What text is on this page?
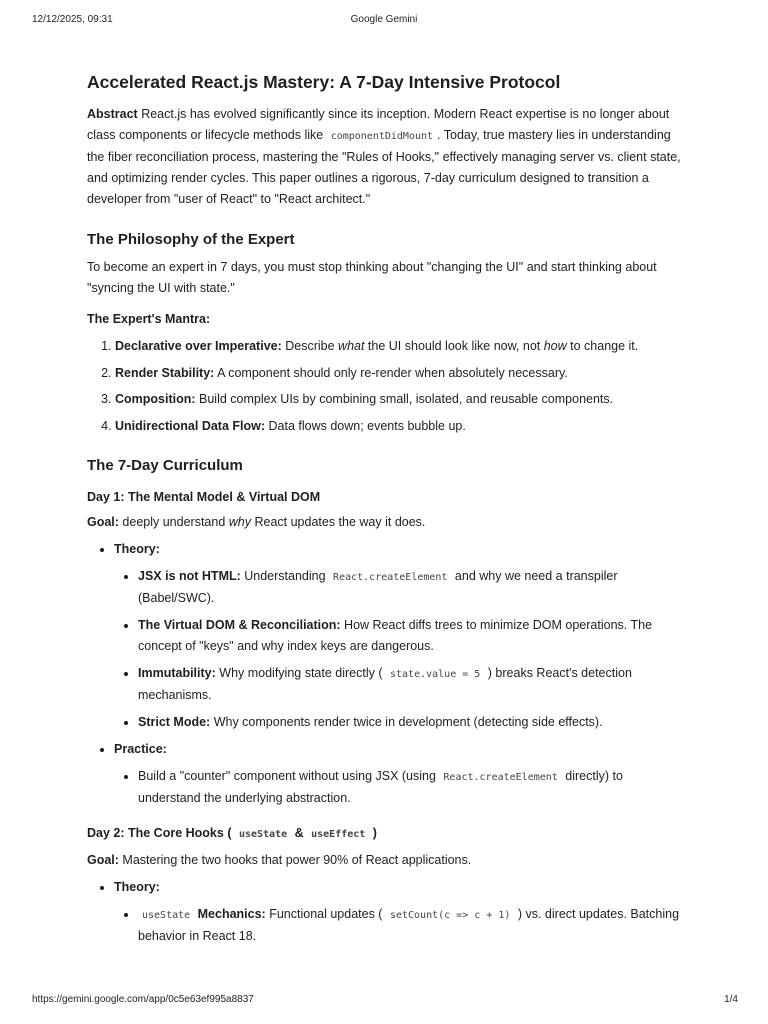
12/12/2025, 09:31	Google Gemini
Accelerated React.js Mastery: A 7-Day Intensive Protocol

Abstract React.js has evolved significantly since its inception. Modern React expertise is no longer about class components or lifecycle methods like componentDidMount . Today, true mastery lies in understanding the fiber reconciliation process, mastering the "Rules of Hooks," effectively managing server vs. client state, and optimizing render cycles. This paper outlines a rigorous, 7-day curriculum designed to transition a developer from "user of React" to "React architect."

The Philosophy of the Expert

To become an expert in 7 days, you must stop thinking about "changing the UI" and start thinking about "syncing the UI with state."

The Expert's Mantra:
1. Declarative over Imperative: Describe what the UI should look like now, not how to change it.
2. Render Stability: A component should only re-render when absolutely necessary.
3. Composition: Build complex UIs by combining small, isolated, and reusable components.
4. Unidirectional Data Flow: Data flows down; events bubble up.
The 7-Day Curriculum
Day 1: The Mental Model & Virtual DOM

Goal: deeply understand why React updates the way it does.

• Theory:
• JSX is not HTML: Understanding React.createElement and why we need a transpiler (Babel/SWC).
• The Virtual DOM & Reconciliation: How React diffs trees to minimize DOM operations. The concept of "keys" and why index keys are dangerous.
• Immutability: Why modifying state directly ( state.value = 5 ) breaks React's detection mechanisms.
• Strict Mode: Why components render twice in development (detecting side effects).
• Practice:
• Build a "counter" component without using JSX (using React.createElement directly) to understand the underlying abstraction.
Day 2: The Core Hooks ( useState & useEffect )

Goal: Mastering the two hooks that power 90% of React applications.

• Theory:
• useState Mechanics: Functional updates ( setCount(c => c + 1) ) vs. direct updates. Batching behavior in React 18.
https://gemini.google.com/app/0c5e63ef995a8837	1/4
